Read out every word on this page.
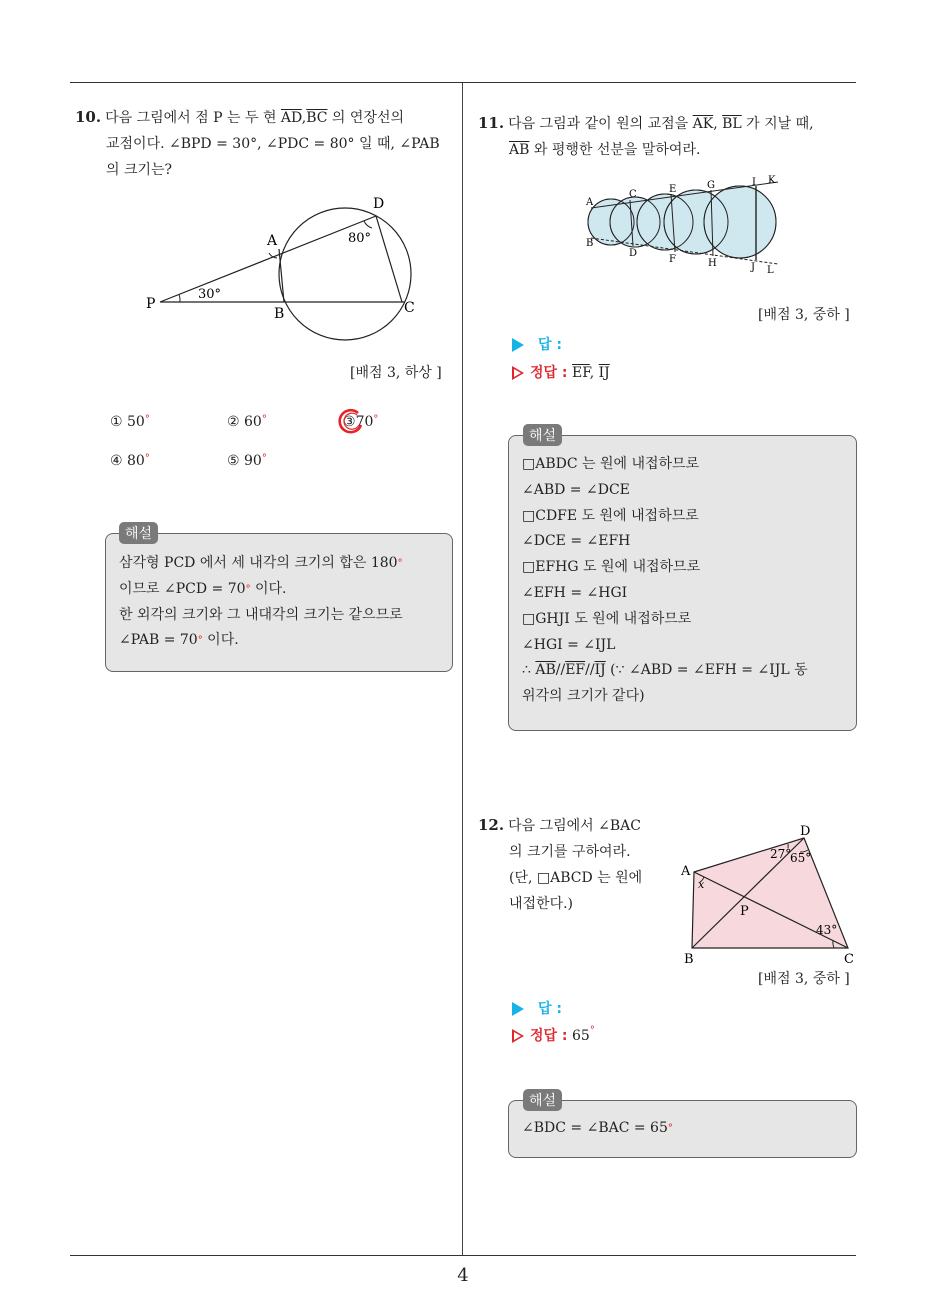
4
10. 다음 그림에서 점 P 는 두 현 $\overline{AD},\overline{BC}$ 의 연장선의
교점이다. ∠BPD = 30°, ∠PDC = 80° 일 때, ∠PAB
의 크기는?
P
A
B	C
D
30°
80°
[배점 3, 하상 ]
① 50°	② 60°	③70°
④ 80°	⑤ 90°
해설
삼각형 PCD 에서 세 내각의 크기의 합은 180°
이므로 ∠PCD = 70° 이다.
한 외각의 크기와 그 내대각의 크기는 같으므로
∠PAB = 70° 이다.
11. 다음 그림과 같이 원의 교점을 $\overline{AK}$, $\overline{BL}$ 가 지날 때,
$\overline{AB}$ 와 평행한 선분을 말하여라.
A
B
C
D
E
F
G
H
I
J
K
L
[배점 3, 중하 ]
답 :
정답 : $\overline{EF}$, $\overline{IJ}$
해설
□ABDC 는 원에 내접하므로
∠ABD = ∠DCE
□CDFE 도 원에 내접하므로
∠DCE = ∠EFH
□EFHG 도 원에 내접하므로
∠EFH = ∠HGI
□GHJI 도 원에 내접하므로
∠HGI = ∠IJL
∴ $\overline{AB}//\overline{EF}//\overline{IJ}$ (∵ ∠ABD = ∠EFH = ∠IJL 동
위각의 크기가 같다)
12. 다음 그림에서 ∠BAC
의 크기를 구하여라.
(단, □ABCD 는 원에
내접한다.)
A
B	C
D
P
x
27°
65°
43°
[배점 3, 중하 ]
답 :
정답 : 65°
해설
∠BDC = ∠BAC = 65°
